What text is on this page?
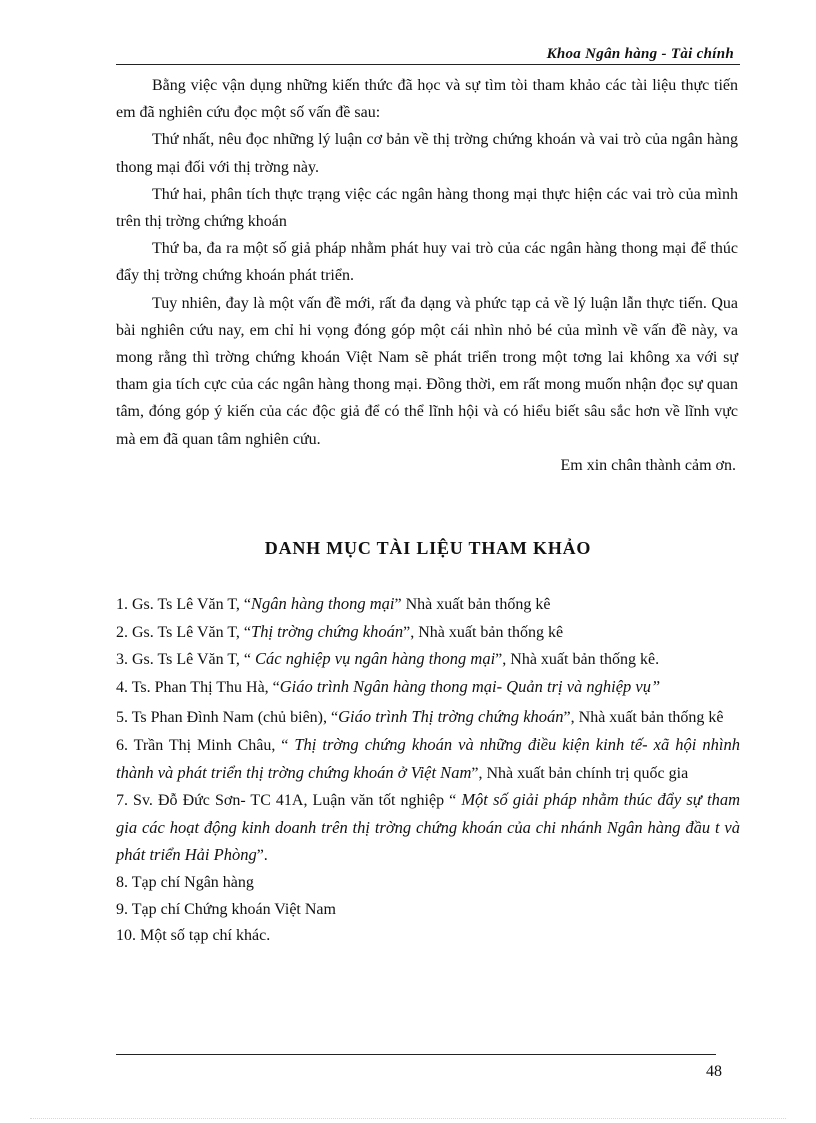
Khoa Ngân hàng - Tài chính

Bằng việc vận dụng những kiến thức đã học và sự tìm tòi tham khảo các tài liệu thực tiến em đã nghiên cứu đọc một số vấn đề sau:

Thứ nhất, nêu đọc những lý luận cơ bản về thị trờng chứng khoán và vai trò của ngân hàng thong mại đối với thị trờng này.

Thứ hai, phân tích thực trạng việc các ngân hàng thong mại thực hiện các vai trò của mình trên thị trờng chứng khoán

Thứ ba, đa ra một số giả pháp nhằm phát huy vai trò của các ngân hàng thong mại để thúc đẩy thị trờng chứng khoán phát triển.

Tuy nhiên, đay là một vấn đề mới, rất đa dạng và phức tạp cả về lý luận lẫn thực tiến. Qua bài nghiên cứu nay, em chỉ hi vọng đóng góp một cái nhìn nhỏ bé của mình về vấn đề này, va mong rằng thì trờng chứng khoán Việt Nam sẽ phát triển trong một tơng lai không xa với sự tham gia tích cực của các ngân hàng thong mại. Đồng thời, em rất mong muốn nhận đọc sự quan tâm, đóng góp ý kiến của các độc giả để có thể lĩnh hội và có hiểu biết sâu sắc hơn về lĩnh vực mà em đã quan tâm nghiên cứu.

Em xin chân thành cảm ơn.
DANH MỤC TÀI LIỆU THAM KHẢO

1. Gs. Ts Lê Văn T, “Ngân hàng thong mại” Nhà xuất bản thống kê

2. Gs. Ts Lê Văn T, “Thị trờng chứng khoán”, Nhà xuất bản thống kê

3. Gs. Ts Lê Văn T, “ Các nghiệp vụ ngân hàng thong mại”, Nhà xuất bản thống kê.

4. Ts. Phan Thị Thu Hà, “Giáo trình Ngân hàng thong mại- Quản trị và nghiệp vụ”

5. Ts Phan Đình Nam (chủ biên), “Giáo trình Thị trờng chứng khoán”, Nhà xuất bản thống kê

6. Trần Thị Minh Châu, “ Thị trờng chứng khoán và những điều kiện kinh tế- xã hội nhình thành và phát triển thị trờng chứng khoán ở Việt Nam”, Nhà xuất bản chính trị quốc gia

7. Sv. Đỗ Đức Sơn- TC 41A, Luận văn tốt nghiệp “ Một số giải pháp nhằm thúc đẩy sự tham gia các hoạt động kinh doanh trên thị trờng chứng khoán của chi nhánh Ngân hàng đầu t và phát triển Hải Phòng”.

8. Tạp chí Ngân hàng

9. Tạp chí Chứng khoán Việt Nam

10. Một số tạp chí khác.

48
